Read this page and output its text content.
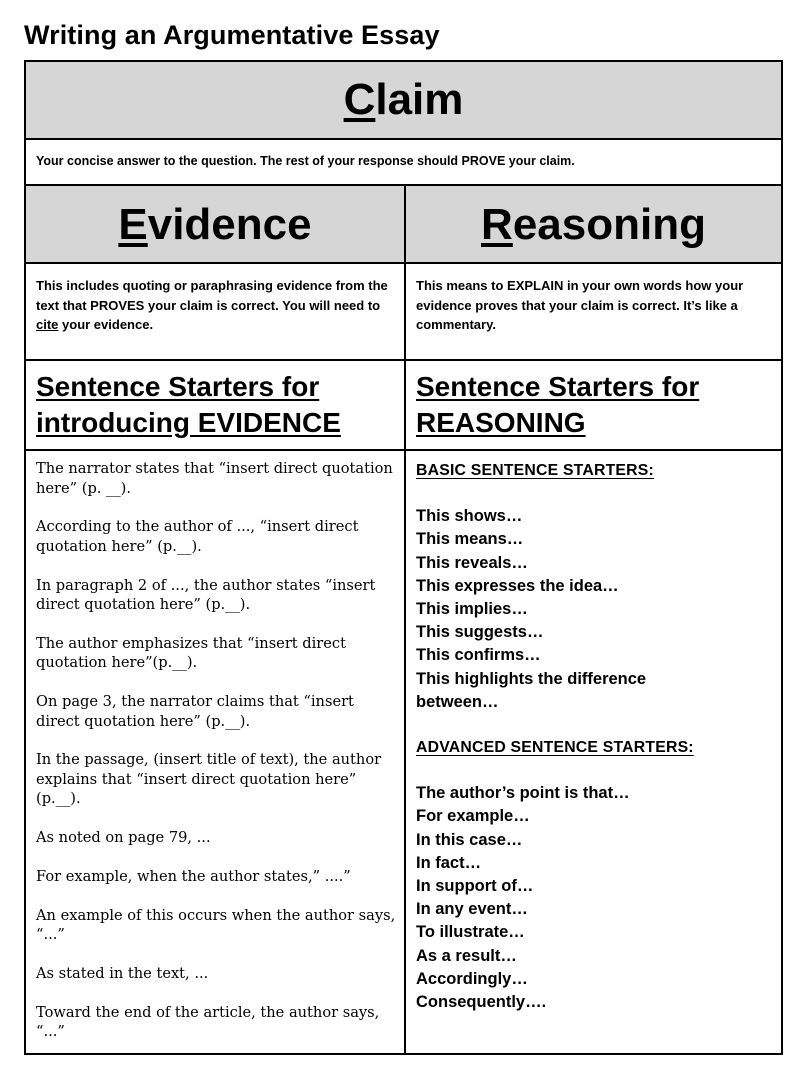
Writing an Argumentative Essay
Claim
Your concise answer to the question. The rest of your response should PROVE your claim.
Evidence	Reasoning
This includes quoting or paraphrasing evidence from the text that PROVES your claim is correct. You will need to cite your evidence.
This means to EXPLAIN in your own words how your evidence proves that your claim is correct. It’s like a commentary.
Sentence Starters for introducing EVIDENCE
Sentence Starters for REASONING

The narrator states that “insert direct quotation here” (p. __).

According to the author of ..., “insert direct quotation here” (p.__).

In paragraph 2 of ..., the author states “insert direct quotation here” (p.__).

The author emphasizes that “insert direct quotation here”(p.__).

On page 3, the narrator claims that “insert direct quotation here” (p.__).

In the passage, (insert title of text), the author explains that “insert direct quotation here” (p.__).

As noted on page 79, ...

For example, when the author states,” ....”

An example of this occurs when the author says, “...”

As stated in the text, ...

Toward the end of the article, the author says, “...”

BASIC SENTENCE STARTERS:
This shows…
This means…
This reveals…
This expresses the idea…
This implies…
This suggests…
This confirms…
This highlights the difference between…
ADVANCED SENTENCE STARTERS:
The author’s point is that…
For example…
In this case…
In fact…
In support of…
In any event…
To illustrate…
As a result…
Accordingly…
Consequently….
